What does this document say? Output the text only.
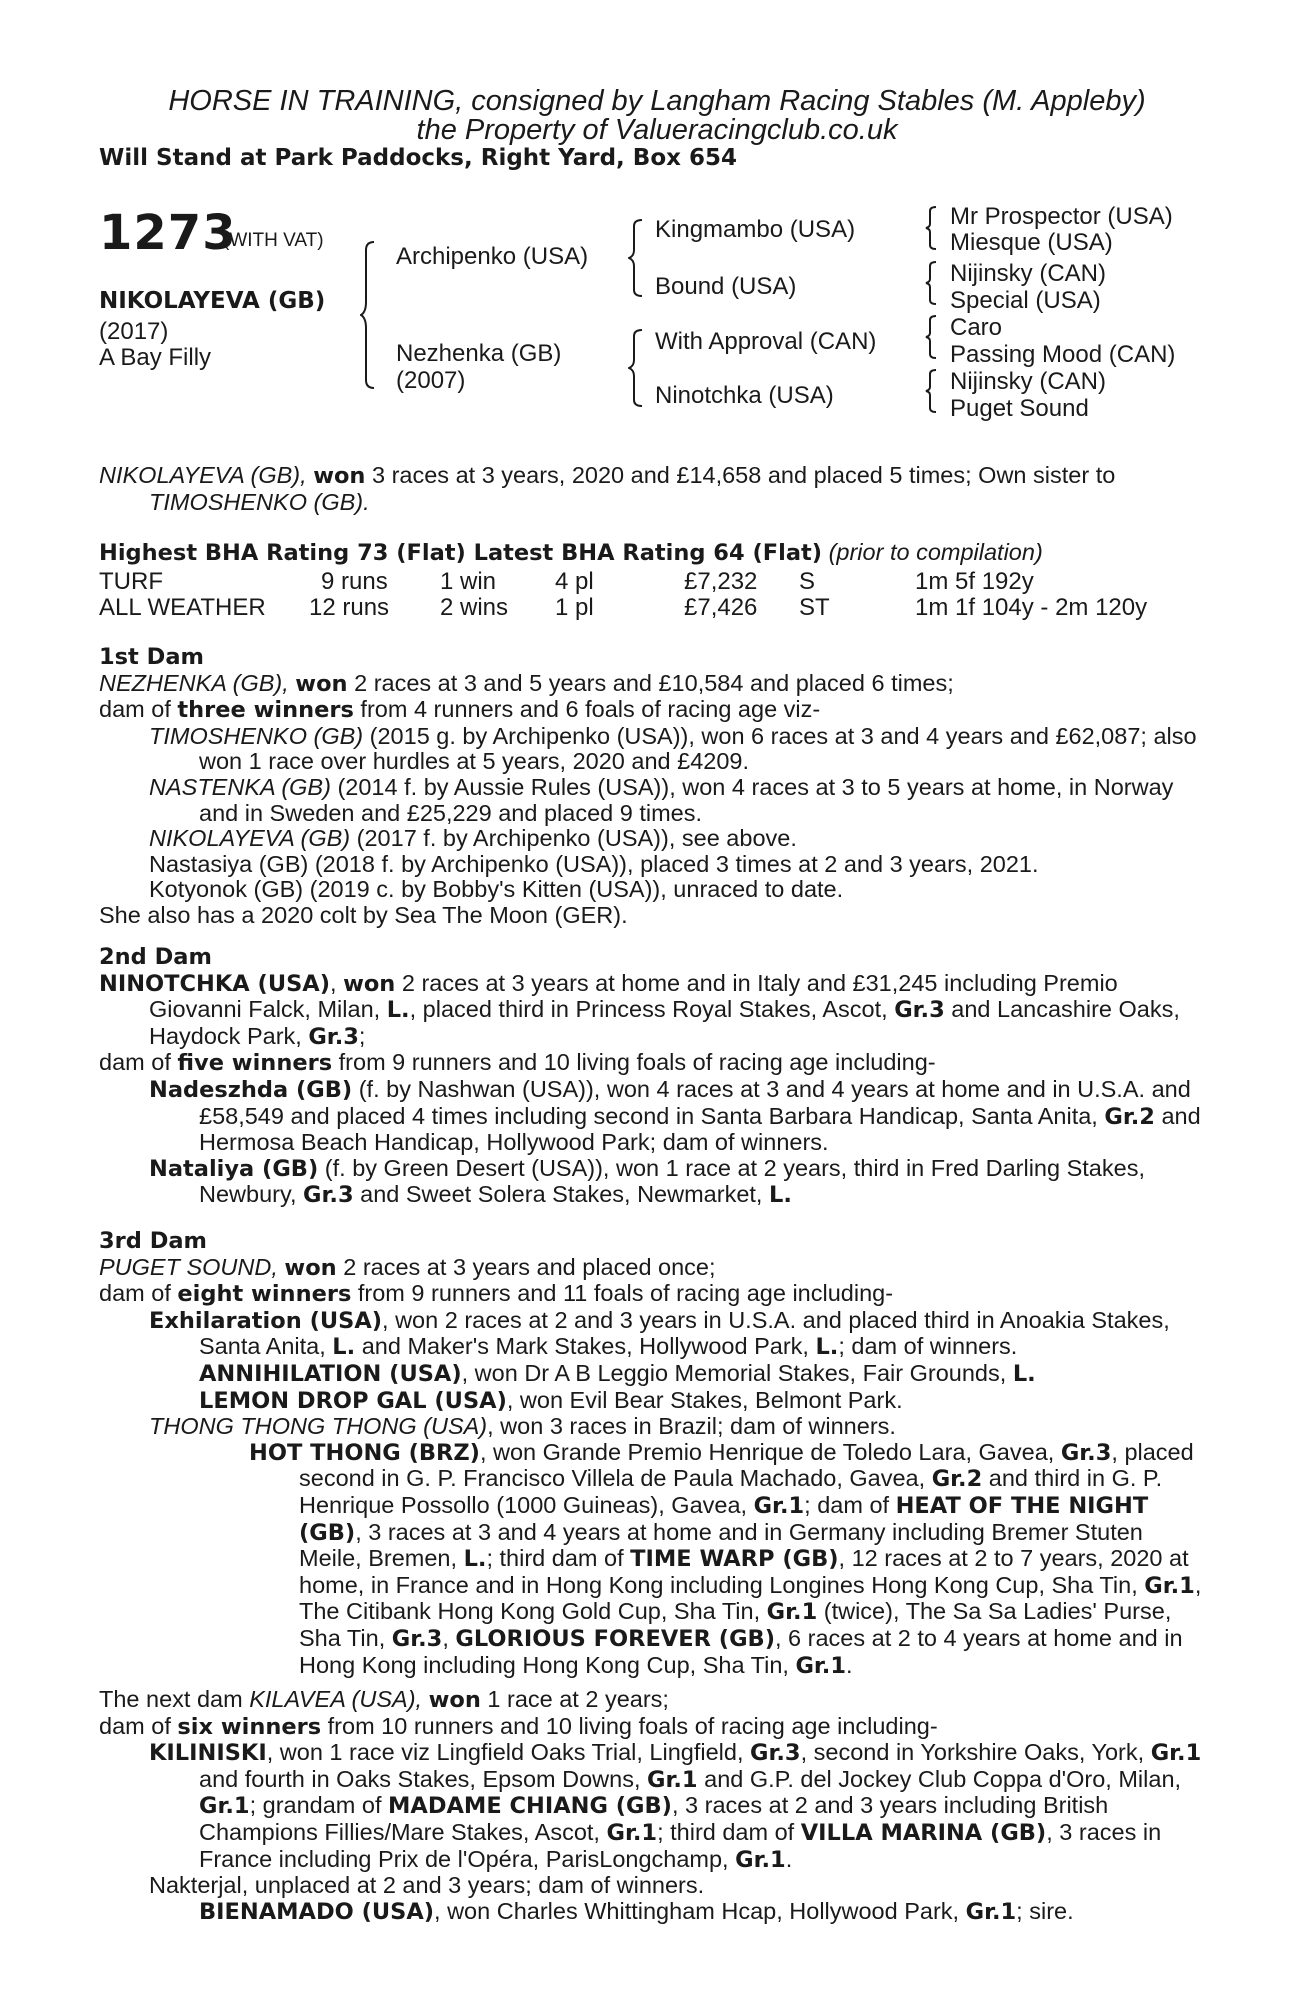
HORSE IN TRAINING, consigned by Langham Racing Stables (M. Appleby)
the Property of Valueracingclub.co.uk
Will Stand at Park Paddocks, Right Yard, Box 654
1273
(WITH VAT)
NIKOLAYEVA (GB)
(2017)
A Bay Filly
Archipenko (USA)
Nezhenka (GB)
(2007)
Kingmambo (USA)
Bound (USA)
With Approval (CAN)
Ninotchka (USA)
Mr Prospector (USA)
Miesque (USA)
Nijinsky (CAN)
Special (USA)
Caro
Passing Mood (CAN)
Nijinsky (CAN)
Puget Sound

NIKOLAYEVA (GB), won 3 races at 3 years, 2020 and £14,658 and placed 5 times; Own sister to TIMOSHENKO (GB).

Highest BHA Rating 73 (Flat) Latest BHA Rating 64 (Flat) (prior to compilation)
TURF	9 runs 1 win 4 pl	£7,232 S	1m 5f 192y
ALL WEATHER 12 runs 2 wins 1 pl	£7,426 ST	1m 1f 104y - 2m 120y

1st Dam

NEZHENKA (GB), won 2 races at 3 and 5 years and £10,584 and placed 6 times;

dam of three winners from 4 runners and 6 foals of racing age viz-

TIMOSHENKO (GB) (2015 g. by Archipenko (USA)), won 6 races at 3 and 4 years and £62,087; also won 1 race over hurdles at 5 years, 2020 and £4209.

NASTENKA (GB) (2014 f. by Aussie Rules (USA)), won 4 races at 3 to 5 years at home, in Norway and in Sweden and £25,229 and placed 9 times.

NIKOLAYEVA (GB) (2017 f. by Archipenko (USA)), see above.

Nastasiya (GB) (2018 f. by Archipenko (USA)), placed 3 times at 2 and 3 years, 2021.

Kotyonok (GB) (2019 c. by Bobby's Kitten (USA)), unraced to date.

She also has a 2020 colt by Sea The Moon (GER).

2nd Dam

NINOTCHKA (USA), won 2 races at 3 years at home and in Italy and £31,245 including Premio Giovanni Falck, Milan, L., placed third in Princess Royal Stakes, Ascot, Gr.3 and Lancashire Oaks, Haydock Park, Gr.3;

dam of five winners from 9 runners and 10 living foals of racing age including-

Nadeszhda (GB) (f. by Nashwan (USA)), won 4 races at 3 and 4 years at home and in U.S.A. and £58,549 and placed 4 times including second in Santa Barbara Handicap, Santa Anita, Gr.2 and Hermosa Beach Handicap, Hollywood Park; dam of winners.

Nataliya (GB) (f. by Green Desert (USA)), won 1 race at 2 years, third in Fred Darling Stakes, Newbury, Gr.3 and Sweet Solera Stakes, Newmarket, L.

3rd Dam

PUGET SOUND, won 2 races at 3 years and placed once;

dam of eight winners from 9 runners and 11 foals of racing age including-

Exhilaration (USA), won 2 races at 2 and 3 years in U.S.A. and placed third in Anoakia Stakes, Santa Anita, L. and Maker's Mark Stakes, Hollywood Park, L.; dam of winners.

ANNIHILATION (USA), won Dr A B Leggio Memorial Stakes, Fair Grounds, L.

LEMON DROP GAL (USA), won Evil Bear Stakes, Belmont Park.

THONG THONG THONG (USA), won 3 races in Brazil; dam of winners.

HOT THONG (BRZ), won Grande Premio Henrique de Toledo Lara, Gavea, Gr.3, placed second in G. P. Francisco Villela de Paula Machado, Gavea, Gr.2 and third in G. P. Henrique Possollo (1000 Guineas), Gavea, Gr.1; dam of HEAT OF THE NIGHT (GB), 3 races at 3 and 4 years at home and in Germany including Bremer Stuten Meile, Bremen, L.; third dam of TIME WARP (GB), 12 races at 2 to 7 years, 2020 at home, in France and in Hong Kong including Longines Hong Kong Cup, Sha Tin, Gr.1, The Citibank Hong Kong Gold Cup, Sha Tin, Gr.1 (twice), The Sa Sa Ladies' Purse, Sha Tin, Gr.3, GLORIOUS FOREVER (GB), 6 races at 2 to 4 years at home and in Hong Kong including Hong Kong Cup, Sha Tin, Gr.1.

The next dam KILAVEA (USA), won 1 race at 2 years;

dam of six winners from 10 runners and 10 living foals of racing age including-

KILINISKI, won 1 race viz Lingfield Oaks Trial, Lingfield, Gr.3, second in Yorkshire Oaks, York, Gr.1 and fourth in Oaks Stakes, Epsom Downs, Gr.1 and G.P. del Jockey Club Coppa d'Oro, Milan, Gr.1; grandam of MADAME CHIANG (GB), 3 races at 2 and 3 years including British Champions Fillies/Mare Stakes, Ascot, Gr.1; third dam of VILLA MARINA (GB), 3 races in France including Prix de l'Opéra, ParisLongchamp, Gr.1.

Nakterjal, unplaced at 2 and 3 years; dam of winners.

BIENAMADO (USA), won Charles Whittingham Hcap, Hollywood Park, Gr.1; sire.
